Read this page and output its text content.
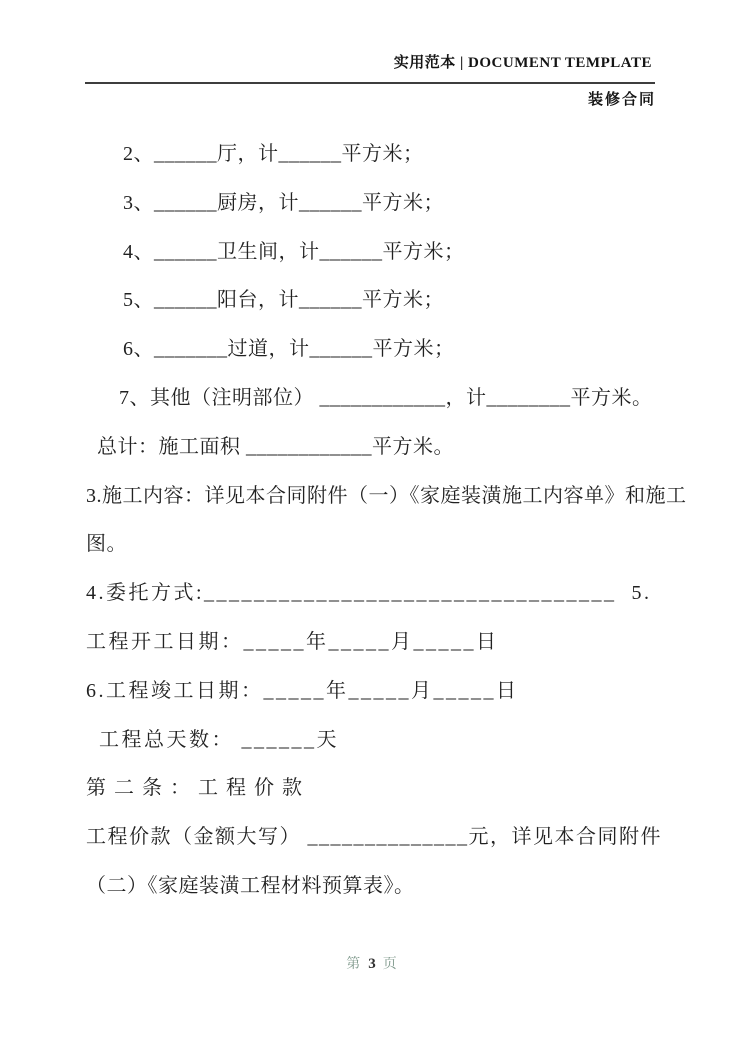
实用范本 | DOCUMENT TEMPLATE
装修合同

2、______厅，计______平方米；

3、______厨房，计______平方米；

4、______卫生间，计______平方米；

5、______阳台，计______平方米；

6、_______过道，计______平方米；

7、其他（注明部位） ____________，计________平方米。

总计：施工面积 ____________平方米。

3.施工内容：详见本合同附件（一）《家庭装潢施工内容单》和施工

图。

4.委托方式:_________________________________  5.

工程开工日期：_____年_____月_____日

6.工程竣工日期：_____年_____月_____日

工程总天数： ______天

第二条：工程价款

工程价款（金额大写） ______________元，详见本合同附件

（二）《家庭装潢工程材料预算表》。

第 3 页
